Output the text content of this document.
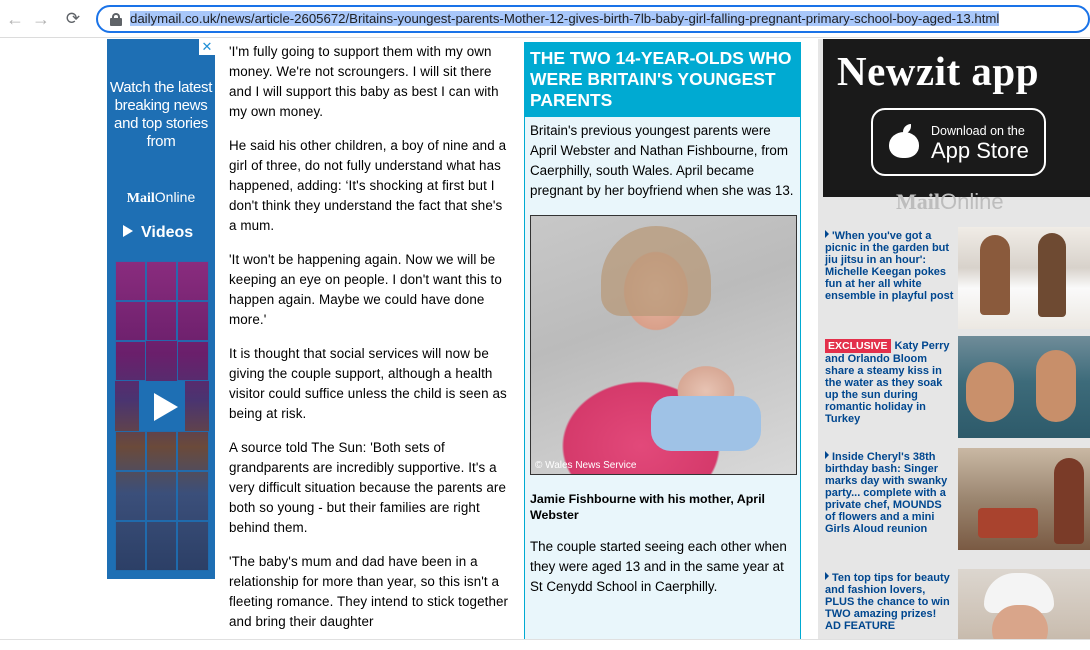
← → ⟳	dailymail.co.uk/news/article-2605672/Britains-youngest-parents-Mother-12-gives-birth-7lb-baby-girl-falling-pregnant-primary-school-boy-aged-13.html
✕
Watch the latest breaking news and top stories from
MailOnline
Videos

'I'm fully going to support them with my own money. We're not scroungers. I will sit there and I will support this baby as best I can with my own money.

He said his other children, a boy of nine and a girl of three, do not fully understand what has happened, adding: ‘It's shocking at first but I don't think they understand the fact that she's a mum.

'It won't be happening again. Now we will be keeping an eye on people. I don't want this to happen again. Maybe we could have done more.'

It is thought that social services will now be giving the couple support, although a health visitor could suffice unless the child is seen as being at risk.

A source told The Sun: 'Both sets of grandparents are incredibly supportive. It's a very difficult situation because the parents are both so young - but their families are right behind them.

'The baby's mum and dad have been in a relationship for more than year, so this isn't a fleeting romance. They intend to stick together and bring their daughter

THE TWO 14-YEAR-OLDS WHO WERE BRITAIN'S YOUNGEST PARENTS

Britain's previous youngest parents were April Webster and Nathan Fishbourne, from Caerphilly, south Wales. April became pregnant by her boyfriend when she was 13.

© Wales News Service
Jamie Fishbourne with his mother, April Webster

The couple started seeing each other when they were aged 13 and in the same year at St Cenydd School in Caerphilly.

Newzit app
Download on the
App Store
MailOnline
'When you've got a picnic in the garden but jiu jitsu in an hour': Michelle Keegan pokes fun at her all white ensemble in playful post
EXCLUSIVE Katy Perry and Orlando Bloom share a steamy kiss in the water as they soak up the sun during romantic holiday in Turkey
Inside Cheryl's 38th birthday bash: Singer marks day with swanky party... complete with a private chef, MOUNDS of flowers and a mini Girls Aloud reunion
Ten top tips for beauty and fashion lovers, PLUS the chance to win TWO amazing prizes!
AD FEATURE
